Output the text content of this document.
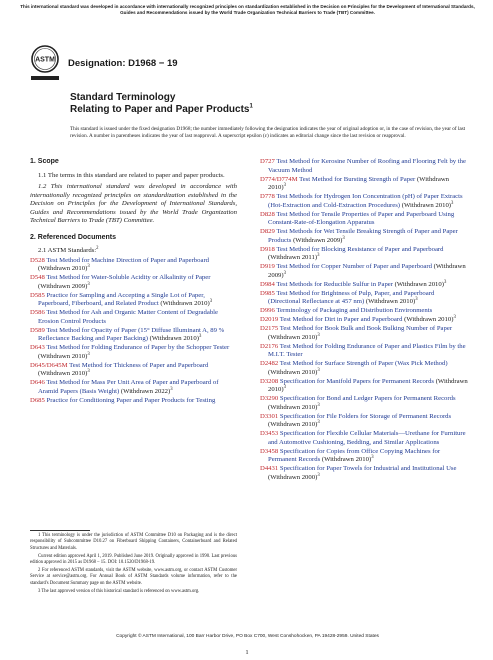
This international standard was developed in accordance with internationally recognized principles on standardization established in the Decision on Principles for the Development of International Standards, Guides and Recommendations issued by the World Trade Organization Technical Barriers to Trade (TBT) Committee.
ASTM Designation: D1968 − 19
Standard Terminology
Relating to Paper and Paper Products$^1$
This standard is issued under the fixed designation D1968; the number immediately following the designation indicates the year of original adoption or, in the case of revision, the year of last revision. A number in parentheses indicates the year of last reapproval. A superscript epsilon (ε) indicates an editorial change since the last revision or reapproval.
1. Scope

1.1 The terms in this standard are related to paper and paper products.

1.2 This international standard was developed in accordance with internationally recognized principles on standardization established in the Decision on Principles for the Development of International Standards, Guides and Recommendations issued by the World Trade Organization Technical Barriers to Trade (TBT) Committee.

2. Referenced Documents

2.1 ASTM Standards:$^2$

D528 Test Method for Machine Direction of Paper and Paperboard (Withdrawn 2010)$^3$

D548 Test Method for Water-Soluble Acidity or Alkalinity of Paper (Withdrawn 2009)$^3$

D585 Practice for Sampling and Accepting a Single Lot of Paper, Paperboard, Fiberboard, and Related Product (Withdrawn 2010)$^3$

D586 Test Method for Ash and Organic Matter Content of Degradable Erosion Control Products

D589 Test Method for Opacity of Paper (15° Diffuse Illuminant A, 89 % Reflectance Backing and Paper Backing) (Withdrawn 2010)$^3$

D643 Test Method for Folding Endurance of Paper by the Schopper Tester (Withdrawn 2010)$^3$

D645/D645M Test Method for Thickness of Paper and Paperboard (Withdrawn 2010)$^3$

D646 Test Method for Mass Per Unit Area of Paper and Paperboard of Aramid Papers (Basis Weight) (Withdrawn 2022)$^3$

D685 Practice for Conditioning Paper and Paper Products for Testing

D727 Test Method for Kerosine Number of Roofing and Flooring Felt by the Vacuum Method

D774/D774M Test Method for Bursting Strength of Paper (Withdrawn 2010)$^3$

D778 Test Methods for Hydrogen Ion Concentration (pH) of Paper Extracts (Hot-Extraction and Cold-Extraction Procedures) (Withdrawn 2010)$^3$

D828 Test Method for Tensile Properties of Paper and Paperboard Using Constant-Rate-of-Elongation Apparatus

D829 Test Methods for Wet Tensile Breaking Strength of Paper and Paper Products (Withdrawn 2009)$^3$

D918 Test Method for Blocking Resistance of Paper and Paperboard (Withdrawn 2011)$^3$

D919 Test Method for Copper Number of Paper and Paperboard (Withdrawn 2009)$^3$

D984 Test Methods for Reducible Sulfur in Paper (Withdrawn 2010)$^3$

D985 Test Method for Brightness of Pulp, Paper, and Paperboard (Directional Reflectance at 457 nm) (Withdrawn 2010)$^3$

D996 Terminology of Packaging and Distribution Environments

D2019 Test Method for Dirt in Paper and Paperboard (Withdrawn 2010)$^3$

D2175 Test Method for Book Bulk and Book Bulking Number of Paper (Withdrawn 2010)$^3$

D2176 Test Method for Folding Endurance of Paper and Plastics Film by the M.I.T. Tester

D2482 Test Method for Surface Strength of Paper (Wax Pick Method) (Withdrawn 2010)$^3$

D3208 Specification for Manifold Papers for Permanent Records (Withdrawn 2010)$^3$

D3290 Specification for Bond and Ledger Papers for Permanent Records (Withdrawn 2010)$^3$

D3301 Specification for File Folders for Storage of Permanent Records (Withdrawn 2010)$^3$

D3453 Specification for Flexible Cellular Materials—Urethane for Furniture and Automotive Cushioning, Bedding, and Similar Applications

D3458 Specification for Copies from Office Copying Machines for Permanent Records (Withdrawn 2010)$^3$

D4431 Specification for Paper Towels for Industrial and Institutional Use (Withdrawn 2000)$^3$

1 This terminology is under the jurisdiction of ASTM Committee D10 on Packaging and is the direct responsibility of Subcommittee D10.27 on Fiberboard Shipping Containers, Containerboard and Related Structures and Materials.

Current edition approved April 1, 2019. Published June 2019. Originally approved in 1990. Last previous edition approved in 2015 as D1968 – 15. DOI: 10.1520/D1968-19.

2 For referenced ASTM standards, visit the ASTM website, www.astm.org, or contact ASTM Customer Service at service@astm.org. For Annual Book of ASTM Standards volume information, refer to the standard's Document Summary page on the ASTM website.

3 The last approved version of this historical standard is referenced on www.astm.org.

Copyright © ASTM International, 100 Barr Harbor Drive, PO Box C700, West Conshohocken, PA 19428-2959. United States
1
